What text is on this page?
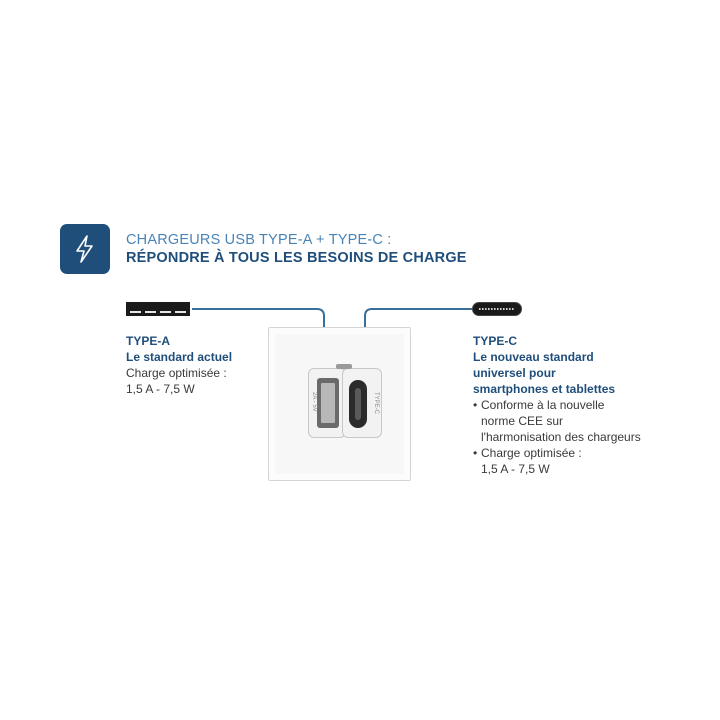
CHARGEURS USB TYPE-A + TYPE-C :
RÉPONDRE À TOUS LES BESOINS DE CHARGE
TYPE-A
Le standard actuel
Charge optimisée :
1,5 A - 7,5 W
2A - 5V	TYPE-C
TYPE-C
Le nouveau standard
universel pour
smartphones et tablettes
• Conforme à la nouvelle
norme CEE sur
l'harmonisation des chargeurs
• Charge optimisée :
1,5 A - 7,5 W
